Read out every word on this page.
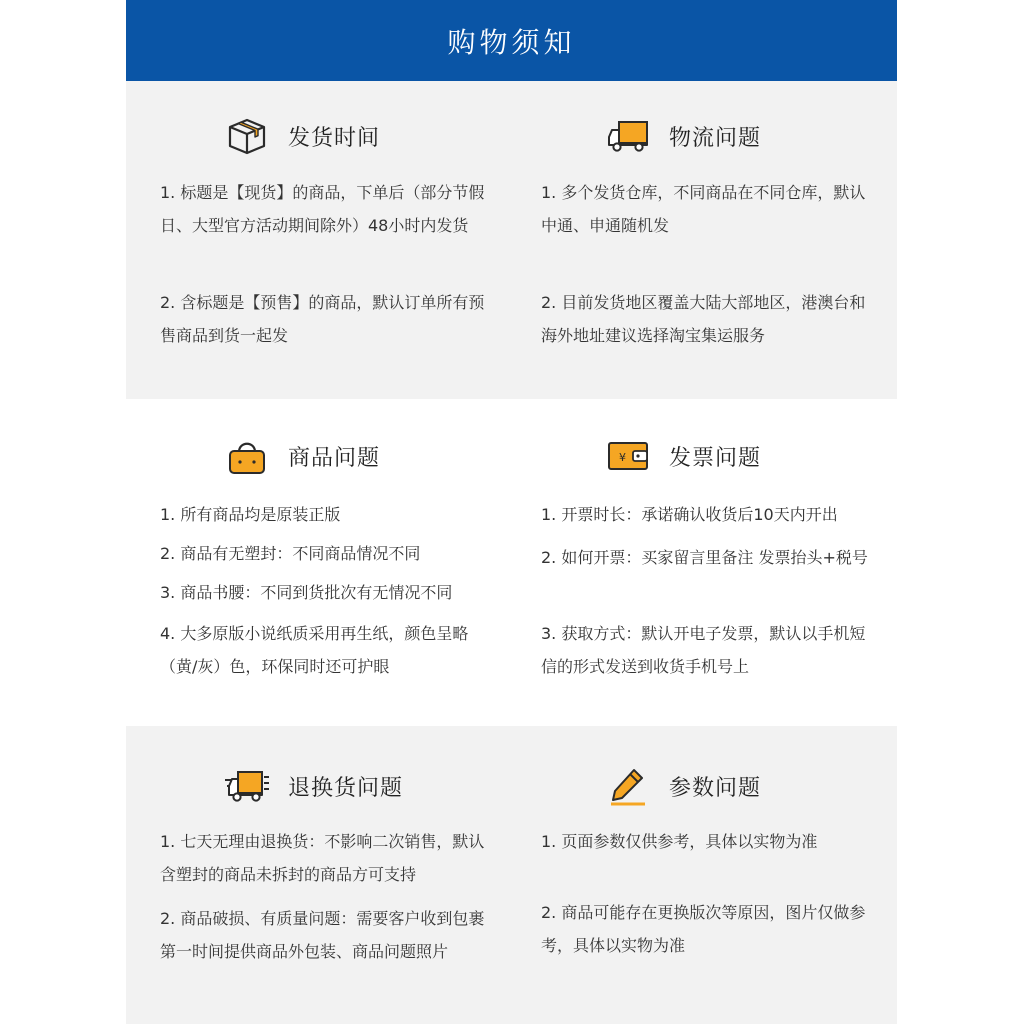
购物须知
发货时间
1. 标题是【现货】的商品，下单后（部分节假日、大型官方活动期间除外）48小时内发货
2. 含标题是【预售】的商品，默认订单所有预售商品到货一起发
物流问题
1. 多个发货仓库，不同商品在不同仓库，默认中通、申通随机发
2. 目前发货地区覆盖大陆大部地区，港澳台和海外地址建议选择淘宝集运服务
商品问题
1. 所有商品均是原装正版
2. 商品有无塑封：不同商品情况不同
3. 商品书腰：不同到货批次有无情况不同
4. 大多原版小说纸质采用再生纸，颜色呈略（黄/灰）色，环保同时还可护眼
¥ 发票问题
1. 开票时长：承诺确认收货后10天内开出
2. 如何开票：买家留言里备注 发票抬头+税号
3. 获取方式：默认开电子发票，默认以手机短信的形式发送到收货手机号上
退换货问题
1. 七天无理由退换货：不影响二次销售，默认含塑封的商品未拆封的商品方可支持
2. 商品破损、有质量问题：需要客户收到包裹第一时间提供商品外包装、商品问题照片
参数问题
1. 页面参数仅供参考，具体以实物为准
2. 商品可能存在更换版次等原因，图片仅做参考，具体以实物为准
